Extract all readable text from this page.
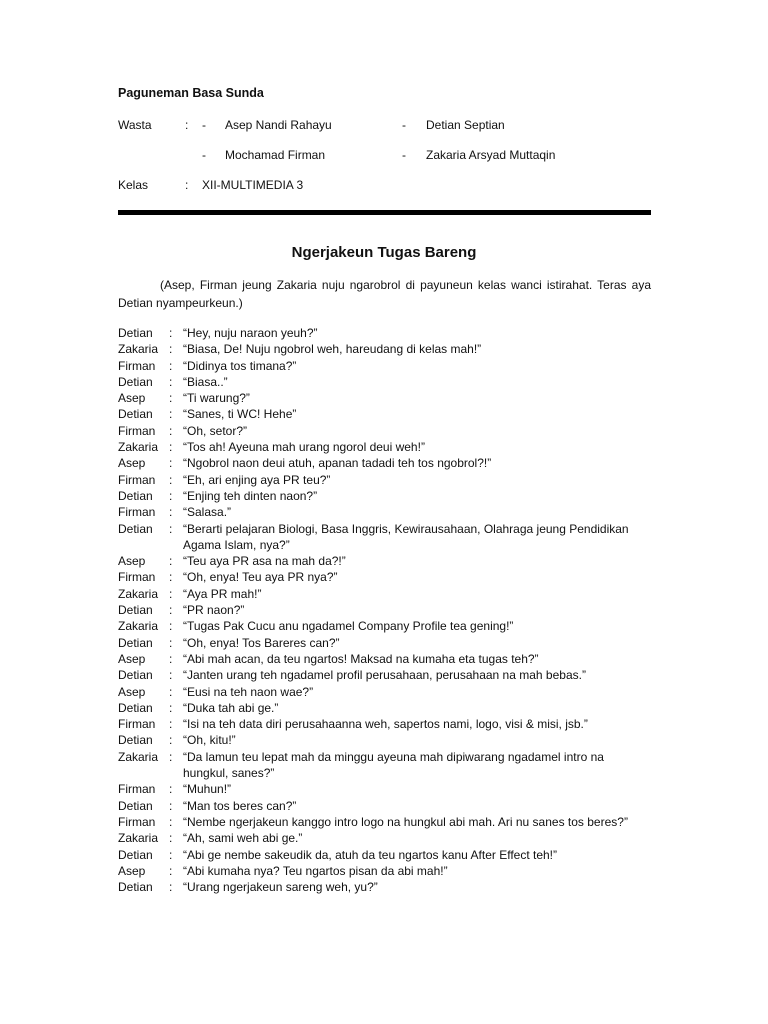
Paguneman Basa Sunda
Wasta	: - Asep Nandi Rahayu	- Detian Septian
- Mochamad Firman	- Zakaria Arsyad Muttaqin
Kelas	: XII-MULTIMEDIA 3
Ngerjakeun Tugas Bareng
(Asep, Firman jeung Zakaria nuju ngarobrol di payuneun kelas wanci istirahat. Teras aya Detian nyampeurkeun.)
Detian	: “Hey, nuju naraon yeuh?”
Zakaria : “Biasa, De! Nuju ngobrol weh, hareudang di kelas mah!”
Firman	: “Didinya tos timana?”
Detian	: “Biasa..”
Asep	: “Ti warung?”
Detian	: “Sanes, ti WC! Hehe”
Firman	: “Oh, setor?”
Zakaria : “Tos ah! Ayeuna mah urang ngorol deui weh!”
Asep	: “Ngobrol naon deui atuh, apanan tadadi teh tos ngobrol?!”
Firman	: “Eh, ari enjing aya PR teu?”
Detian	: “Enjing teh dinten naon?”
Firman	: “Salasa.”
Detian	: “Berarti pelajaran Biologi, Basa Inggris, Kewirausahaan, Olahraga jeung Pendidikan Agama Islam, nya?”
Asep	: “Teu aya PR asa na mah da?!”
Firman	: “Oh, enya! Teu aya PR nya?”
Zakaria : “Aya PR mah!”
Detian	: “PR naon?”
Zakaria : “Tugas Pak Cucu anu ngadamel Company Profile tea gening!”
Detian	: “Oh, enya! Tos Bareres can?”
Asep	: “Abi mah acan, da teu ngartos! Maksad na kumaha eta tugas teh?”
Detian	: “Janten urang teh ngadamel profil perusahaan, perusahaan na mah bebas.”
Asep	: “Eusi na teh naon wae?”
Detian	: “Duka tah abi ge.”
Firman	: “Isi na teh data diri perusahaanna weh, sapertos nami, logo, visi & misi, jsb.”
Detian	: “Oh, kitu!”
Zakaria : “Da lamun teu lepat mah da minggu ayeuna mah dipiwarang ngadamel intro na hungkul, sanes?”
Firman	: “Muhun!”
Detian	: “Man tos beres can?”
Firman	: “Nembe ngerjakeun kanggo intro logo na hungkul abi mah. Ari nu sanes tos beres?”
Zakaria : “Ah, sami weh abi ge.”
Detian	: “Abi ge nembe sakeudik da, atuh da teu ngartos kanu After Effect teh!”
Asep	: “Abi kumaha nya? Teu ngartos pisan da abi mah!”
Detian	: “Urang ngerjakeun sareng weh, yu?”
